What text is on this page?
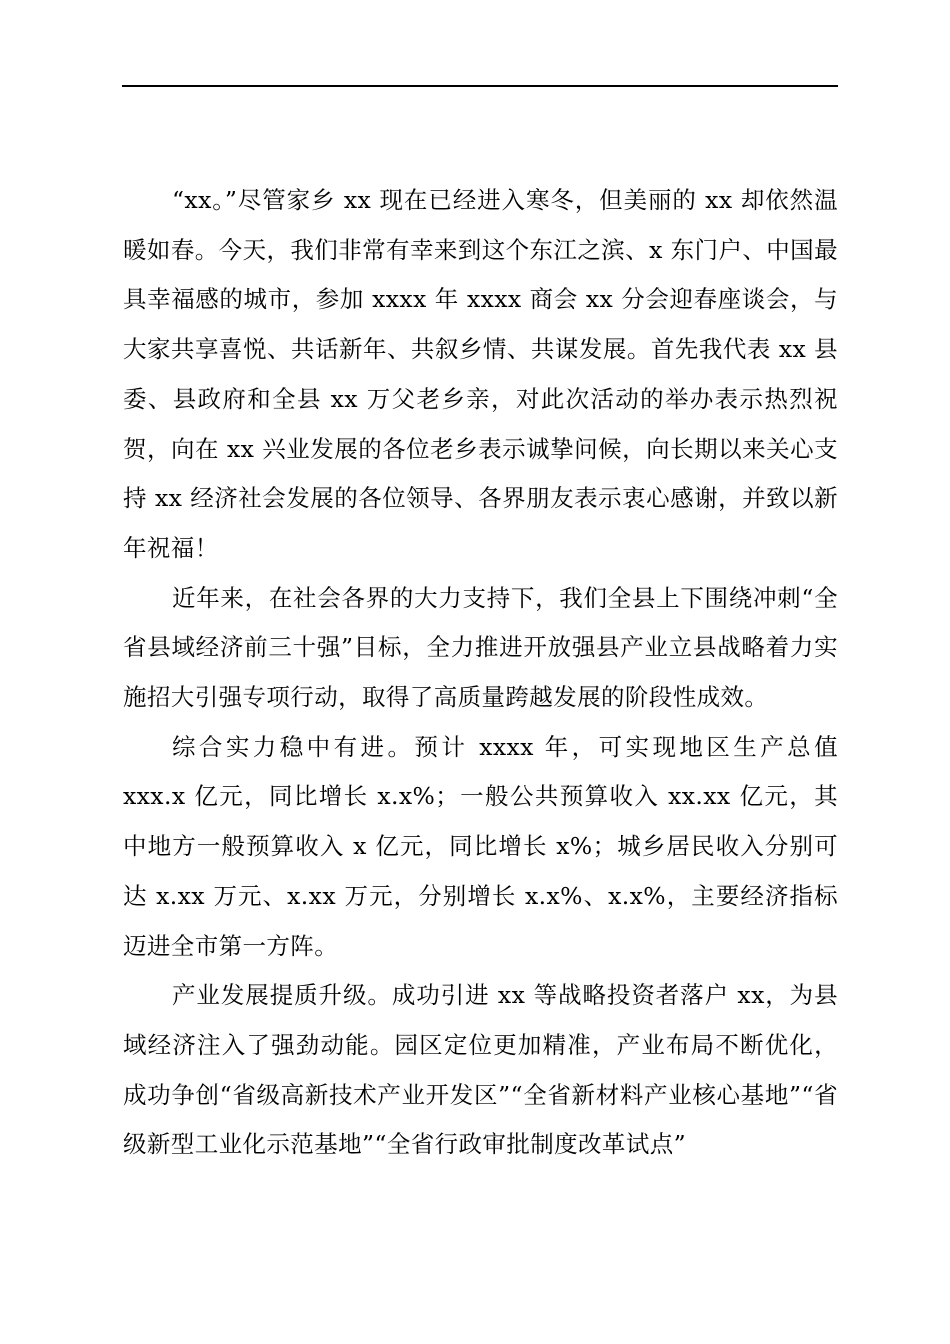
“xx。”尽管家乡 xx 现在已经进入寒冬，但美丽的 xx 却依然温暖如春。今天，我们非常有幸来到这个东江之滨、x 东门户、中国最具幸福感的城市，参加 xxxx 年 xxxx 商会 xx 分会迎春座谈会，与大家共享喜悦、共话新年、共叙乡情、共谋发展。首先我代表 xx 县委、县政府和全县 xx 万父老乡亲，对此次活动的举办表示热烈祝贺，向在 xx 兴业发展的各位老乡表示诚挚问候，向长期以来关心支持 xx 经济社会发展的各位领导、各界朋友表示衷心感谢，并致以新年祝福！

近年来，在社会各界的大力支持下，我们全县上下围绕冲刺“全省县域经济前三十强”目标，全力推进开放强县产业立县战略着力实施招大引强专项行动，取得了高质量跨越发展的阶段性成效。

综合实力稳中有进。预计 xxxx 年，可实现地区生产总值 xxx.x 亿元，同比增长 x.x%；一般公共预算收入 xx.xx 亿元，其中地方一般预算收入 x 亿元，同比增长 x%；城乡居民收入分别可达 x.xx 万元、x.xx 万元，分别增长 x.x%、x.x%，主要经济指标迈进全市第一方阵。

产业发展提质升级。成功引进 xx 等战略投资者落户 xx，为县域经济注入了强劲动能。园区定位更加精准，产业布局不断优化，成功争创“省级高新技术产业开发区”“全省新材料产业核心基地”“省级新型工业化示范基地”“全省行政审批制度改革试点”
